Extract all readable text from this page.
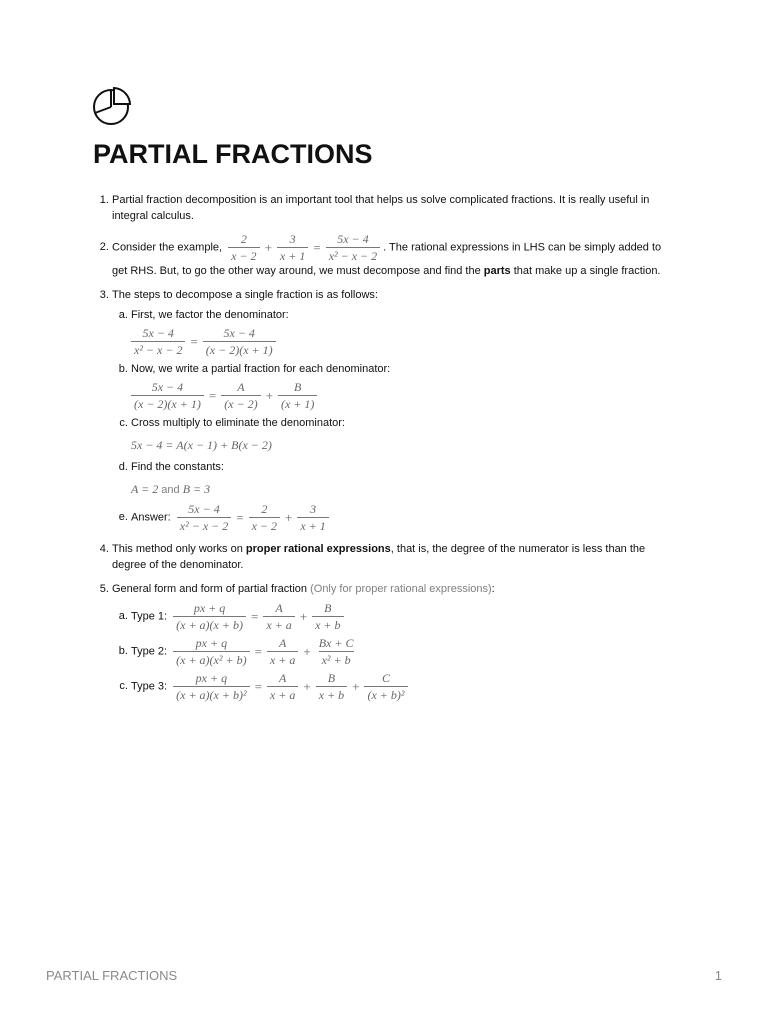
PARTIAL FRACTIONS
1. Partial fraction decomposition is an important tool that helps us solve complicated fractions. It is really useful in integral calculus.
2. Consider the example, $\frac{2}{x - 2} + \frac{3}{x + 1} = \frac{5x - 4}{\text{x² − x − 2}}$ . The rational expressions in LHS can be simply added to get RHS. But, to go the other way around, we must decompose and find the parts that make up a single fraction.
3. The steps to decompose a single fraction is as follows:
a. First, we factor the denominator:
$\frac{5x - 4}{\text{x² − x − 2}} = \frac{5x - 4}{(x - 2)(x + 1)}$
b. Now, we write a partial fraction for each denominator:
$\frac{5x - 4}{(x - 2)(x + 1)} = \frac{A}{(x - 2)} + \frac{B}{(x + 1)}$
c. Cross multiply to eliminate the denominator:
5x − 4 = A(x − 1) + B(x − 2)
d. Find the constants:
A = 2 and B = 3
e. Answer: $\frac{5x - 4}{\text{x² − x − 2}} = \frac{2}{x - 2} + \frac{3}{x + 1}$
4. This method only works on proper rational expressions, that is, the degree of the numerator is less than the degree of the denominator.
5. General form and form of partial fraction (Only for proper rational expressions):
a. Type 1: $\frac{px + q}{(x + a)(x + b)} = \frac{A}{x + a} + \frac{B}{x + b}$
b. Type 2: $\frac{px + q}{\text{(x + a)(x² + b)}} = \frac{A}{x + a} + \frac{Bx + C}{\text{x² + b}}$
c. Type 3: $\frac{px + q}{\text{(x + a)(x + b)²}} = \frac{A}{x + a} + \frac{B}{x + b} + \frac{C}{\text{(x + b)²}}$
PARTIAL FRACTIONS	1
